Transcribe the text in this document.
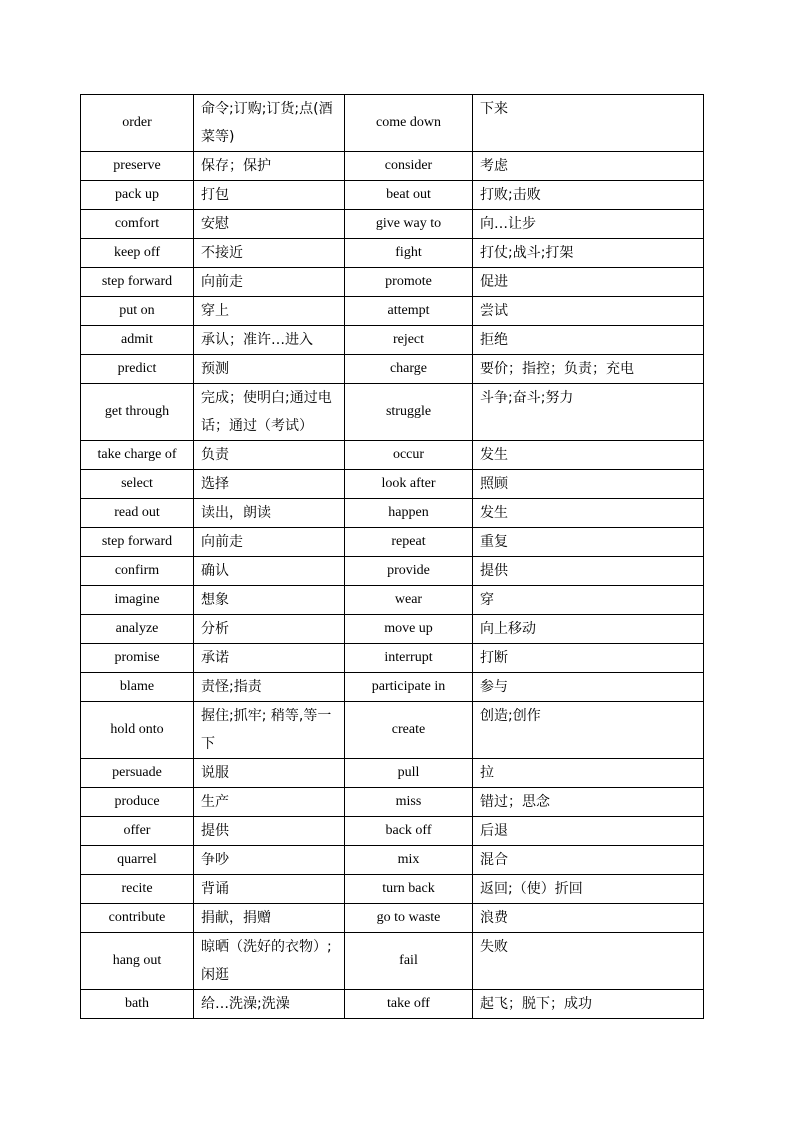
order	命令;订购;订货;点(酒菜等)	come down	下来
preserve	保存；保护	consider	考虑
pack up	打包	beat out	打败;击败
comfort	安慰	give way to	向…让步
keep off	不接近	fight	打仗;战斗;打架
step forward	向前走	promote	促进
put on	穿上	attempt	尝试
admit	承认；准许…进入	reject	拒绝
predict	预测	charge	要价；指控；负责；充电
get through	完成；使明白;通过电话；通过（考试）	struggle	斗争;奋斗;努力
take charge of	负责	occur	发生
select	选择	look after	照顾
read out	读出，朗读	happen	发生
step forward	向前走	repeat	重复
confirm	确认	provide	提供
imagine	想象	wear	穿
analyze	分析	move up	向上移动
promise	承诺	interrupt	打断
blame	责怪;指责	participate in	参与
hold onto	握住;抓牢; 稍等,等一下	create	创造;创作
persuade	说服	pull	拉
produce	生产	miss	错过；思念
offer	提供	back off	后退
quarrel	争吵	mix	混合
recite	背诵	turn back	返回;（使）折回
contribute	捐献，捐赠	go to waste	浪费
hang out	晾晒（洗好的衣物）;闲逛	fail	失败
bath	给…洗澡;洗澡	take off	起飞；脱下；成功
